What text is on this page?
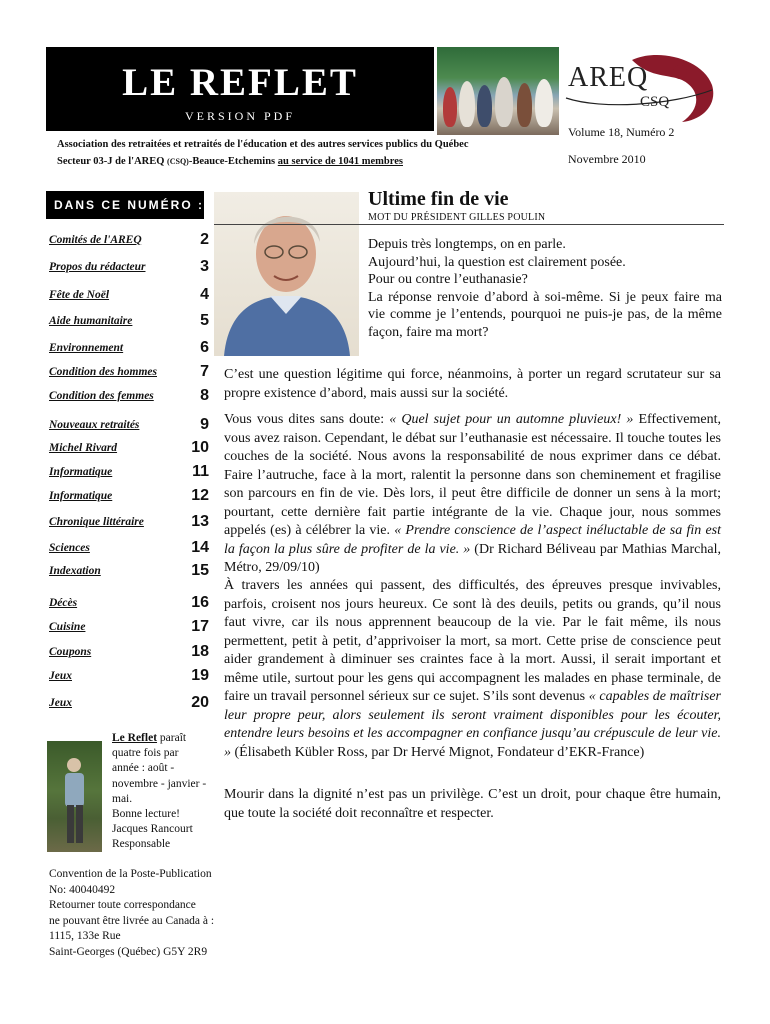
LE REFLET
VERSION PDF
AREQ
CSQ
Volume 18, Numéro 2
Novembre 2010
Association des retraitées et retraités de l'éducation et des autres services publics du Québec
Secteur 03-J de l'AREQ (CSQ)-Beauce-Etchemins au service de 1041 membres
DANS CE NUMÉRO :
Comités de l'AREQ	2
Propos du rédacteur	3
Fête de Noël	4
Aide humanitaire	5
Environnement	6
Condition des hommes	7
Condition des femmes	8
Nouveaux retraités	9
Michel Rivard	10
Informatique	11
Informatique	12
Chronique littéraire	13
Sciences	14
Indexation	15
Décès	16
Cuisine	17
Coupons	18
Jeux	19
Jeux	20
Le Reflet paraît
quatre fois par
année : août -
novembre - janvier -
mai.
Bonne lecture!
Jacques Rancourt
Responsable
Convention de la Poste-Publication
No: 40040492
Retourner toute correspondance
ne pouvant être livrée au Canada à :
1115, 133e Rue
Saint-Georges (Québec) G5Y 2R9
Ultime fin de vie
MOT DU PRÉSIDENT GILLES POULIN
Depuis très longtemps, on en parle.
Aujourd’hui, la question est clairement posée.
Pour ou contre l’euthanasie?
La réponse renvoie d’abord à soi-même. Si je peux faire ma vie comme je l’entends, pourquoi ne puis-je pas, de la même façon, faire ma mort?
C’est une question légitime qui force, néanmoins, à porter un regard scrutateur sur sa propre existence d’abord, mais aussi sur la société.
Vous vous dites sans doute: « Quel sujet pour un automne pluvieux! » Effectivement, vous avez raison. Cependant, le débat sur l’euthanasie est nécessaire. Il touche toutes les couches de la société. Nous avons la responsabilité de nous exprimer dans ce débat. Faire l’autruche, face à la mort, ralentit la personne dans son cheminement et fragilise son parcours en fin de vie. Dès lors, il peut être difficile de donner un sens à la mort; pourtant, cette dernière fait partie intégrante de la vie. Chaque jour, nous sommes appelés (es) à célébrer la vie. « Prendre conscience de l’aspect inéluctable de sa fin est la façon la plus sûre de profiter de la vie. » (Dr Richard Béliveau par Mathias Marchal, Métro, 29/09/10)
À travers les années qui passent, des difficultés, des épreuves presque invivables, parfois, croisent nos jours heureux. Ce sont là des deuils, petits ou grands, qu’il nous faut vivre, car ils nous apprennent beaucoup de la vie. Par le fait même, ils nous permettent, petit à petit, d’apprivoiser la mort, sa mort. Cette prise de conscience peut aider grandement à diminuer ses craintes face à la mort. Aussi, il serait important et même utile, surtout pour les gens qui accompagnent les malades en phase terminale, de faire un travail personnel sérieux sur ce sujet. S’ils sont devenus « capables de maîtriser leur propre peur, alors seulement ils seront vraiment disponibles pour les écouter, entendre leurs besoins et les accompagner en confiance jusqu’au crépuscule de leur vie. » (Élisabeth Kübler Ross, par Dr Hervé Mignot, Fondateur d’EKR-France)
Mourir dans la dignité n’est pas un privilège. C’est un droit, pour chaque être humain, que toute la société doit reconnaître et respecter.
